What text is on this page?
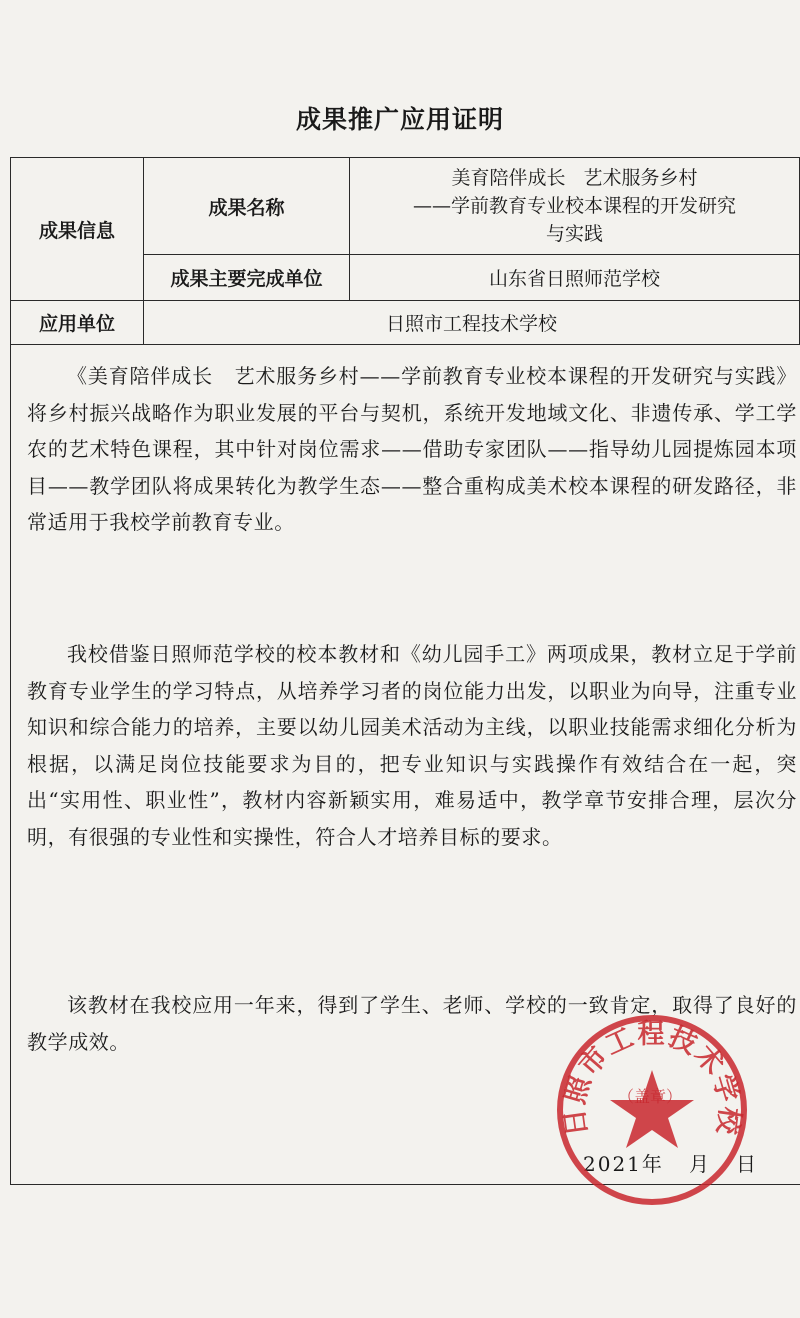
成果推广应用证明
成果信息	成果名称	美育陪伴成长   艺术服务乡村
——学前教育专业校本课程的开发研究
与实践

	成果主要完成单位	山东省日照师范学校
应用单位	日照市工程技术学校	
《美育陪伴成长   艺术服务乡村——学前教育专业校本课程的开发研究与实践》将乡村振兴战略作为职业发展的平台与契机，系统开发地域文化、非遗传承、学工学农的艺术特色课程，其中针对岗位需求——借助专家团队——指导幼儿园提炼园本项目——教学团队将成果转化为教学生态——整合重构成美术校本课程的研发路径，非常适用于我校学前教育专业。
我校借鉴日照师范学校的校本教材和《幼儿园手工》两项成果，教材立足于学前教育专业学生的学习特点，从培养学习者的岗位能力出发，以职业为向导，注重专业知识和综合能力的培养，主要以幼儿园美术活动为主线，以职业技能需求细化分析为根据，以满足岗位技能要求为目的，把专业知识与实践操作有效结合在一起，突出“实用性、职业性”，教材内容新颖实用，难易适中，教学章节安排合理，层次分明，有很强的专业性和实操性，符合人才培养目标的要求。
该教材在我校应用一年来，得到了学生、老师、学校的一致肯定，取得了良好的教学成效。
2021年   月   日
日照市工程技术学校
（盖章）
